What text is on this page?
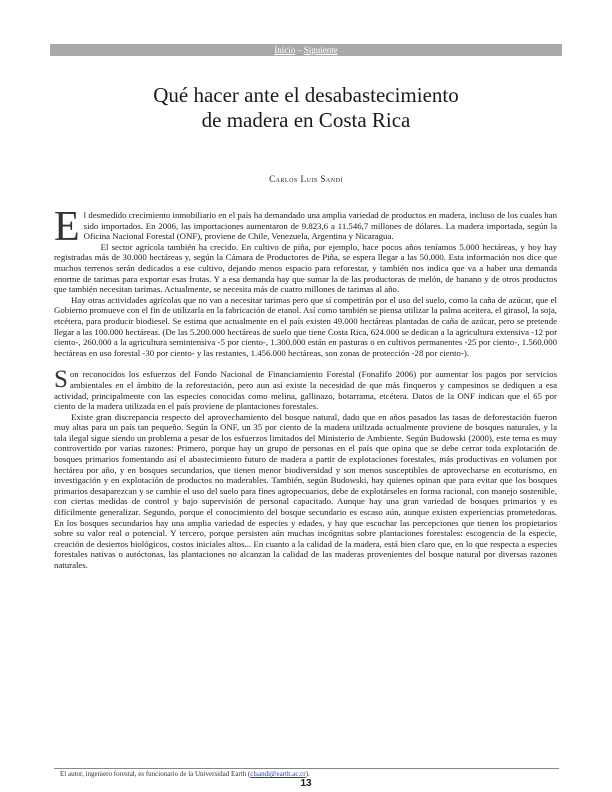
Inicio – Siguiente
Qué hacer ante el desabastecimiento
de madera en Costa Rica
Carlos Luis Sandí

El desmedido crecimiento inmobiliario en el país ha demandado una amplia variedad de productos en madera, incluso de los cuales han sido importados. En 2006, las importaciones aumentaron de 9.823,6 a 11.546,7 millones de dólares. La madera importada, según la Oficina Nacional Forestal (ONF), proviene de Chile, Venezuela, Argentina y Nicaragua.

El sector agrícola también ha crecido. En cultivo de piña, por ejemplo, hace pocos años teníamos 5.000 hectáreas, y hoy hay registradas más de 30.000 hectáreas y, según la Cámara de Productores de Piña, se espera llegar a las 50.000. Esta información nos dice que muchos terrenos serán dedicados a ese cultivo, dejando menos espacio para reforestar, y también nos indica que va a haber una demanda enorme de tarimas para exportar esas frutas. Y a esa demanda hay que sumar la de las productoras de melón, de banano y de otros productos que también necesitan tarimas. Actualmente, se necesita más de cuatro millones de tarimas al año.

Hay otras actividades agrícolas que no van a necesitar tarimas pero que sí competirán por el uso del suelo, como la caña de azúcar, que el Gobierno promueve con el fin de utilizarla en la fabricación de etanol. Así como también se piensa utilizar la palma aceitera, el girasol, la soja, etcétera, para producir biodiesel. Se estima que actualmente en el país existen 49.000 hectáreas plantadas de caña de azúcar, pero se pretende llegar a las 100.000 hectáreas. (De las 5.200.000 hectáreas de suelo que tiene Costa Rica, 624.000 se dedican a la agricultura extensiva -12 por ciento-, 260.000 a la agricultura semintensiva -5 por ciento-, 1.300.000 están en pasturas o en cultivos permanentes -25 por ciento-, 1.560.000 hectáreas en uso forestal -30 por ciento- y las restantes, 1.456.000 hectáreas, son zonas de protección -28 por ciento-).

Son reconocidos los esfuerzos del Fondo Nacional de Financiamiento Forestal (Fonafifo 2006) por aumentar los pagos por servicios ambientales en el ámbito de la reforestación, pero aun así existe la necesidad de que más finqueros y campesinos se dediquen a esa actividad, principalmente con las especies conocidas como melina, gallinazo, botarrama, etcétera. Datos de la ONF indican que el 65 por ciento de la madera utilizada en el país proviene de plantaciones forestales.

Existe gran discrepancia respecto del aprovechamiento del bosque natural, dado que en años pasados las tasas de deforestación fueron muy altas para un país tan pequeño. Según la ONF, un 35 por ciento de la madera utilizada actualmente proviene de bosques naturales, y la tala ilegal sigue siendo un problema a pesar de los esfuerzos limitados del Ministerio de Ambiente. Según Budowski (2000), este tema es muy controvertido por varias razones: Primero, porque hay un grupo de personas en el país que opina que se debe cerrar toda explotación de bosques primarios fomentando así el abastecimiento futuro de madera a partir de explotaciones forestales, más productivas en volumen por hectárea por año, y en bosques secundarios, que tienen menor biodiversidad y son menos susceptibles de aprovecharse en ecoturismo, en investigación y en explotación de productos no maderables. También, según Budowski, hay quienes opinan que para evitar que los bosques primarios desaparezcan y se cambie el uso del suelo para fines agropecuarios, debe de explotárseles en forma racional, con manejo sostenible, con ciertas medidas de control y bajo supervisión de personal capacitado. Aunque hay una gran variedad de bosques primarios y es difícilmente generalizar. Segundo, porque el conocimiento del bosque secundario es escaso aún, aunque existen experiencias prometedoras. En los bosques secundarios hay una amplia variedad de especies y edades, y hay que escuchar las percepciones que tienen los propietarios sobre su valor real o potencial. Y tercero, porque persisten aún muchas incógnitas sobre plantaciones forestales: escogencia de la especie, creación de desiertos biológicos, costos iniciales altos... En cuanto a la calidad de la madera, está bien claro que, en lo que respecta a especies forestales nativas o autóctonas, las plantaciones no alcanzan la calidad de las maderas provenientes del bosque natural por diversas razones naturales.

El autor, ingeniero forestal, es funcionario de la Universidad Earth (clsandi@earth.ac.cr).
13
